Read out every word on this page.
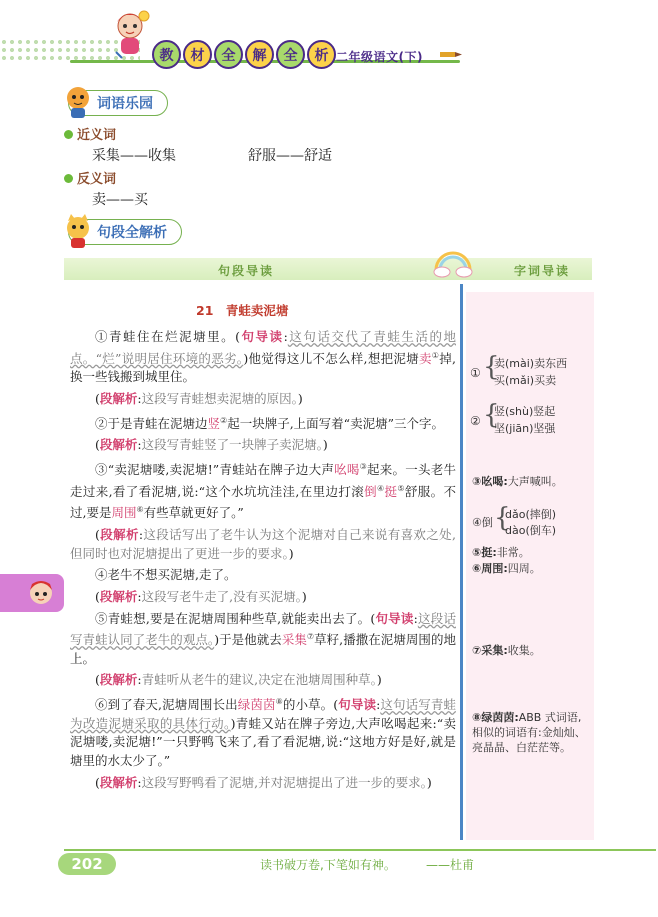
教	材	全	解	全	析 二年级语文(下)
词语乐园
近义词
采集——收集	舒服——舒适
反义词
卖——买
句段全解析
句段导读	字词导读
21　青蛙卖泥塘

①青蛙住在烂泥塘里。(句导读:这句话交代了青蛙生活的地点。“烂”说明居住环境的恶劣。)他觉得这儿不怎么样,想把泥塘卖①掉,换一些钱搬到城里住。

(段解析:这段写青蛙想卖泥塘的原因。)

②于是青蛙在泥塘边竖②起一块牌子,上面写着“卖泥塘”三个字。

(段解析:这段写青蛙竖了一块牌子卖泥塘。)

③“卖泥塘喽,卖泥塘!”青蛙站在牌子边大声吆喝③起来。一头老牛走过来,看了看泥塘,说:“这个水坑坑洼洼,在里边打滚倒④挺⑤舒服。不过,要是周围⑥有些草就更好了。”

(段解析:这段话写出了老牛认为这个泥塘对自己来说有喜欢之处,但同时也对泥塘提出了更进一步的要求。)

④老牛不想买泥塘,走了。

(段解析:这段写老牛走了,没有买泥塘。)

⑤青蛙想,要是在泥塘周围种些草,就能卖出去了。(句导读:这段话写青蛙认同了老牛的观点。)于是他就去采集⑦草籽,播撒在泥塘周围的地上。

(段解析:青蛙听从老牛的建议,决定在池塘周围种草。)

⑥到了春天,泥塘周围长出绿茵茵⑧的小草。(句导读:这句话写青蛙为改造泥塘采取的具体行动。)青蛙又站在牌子旁边,大声吆喝起来:“卖泥塘喽,卖泥塘!”一只野鸭飞来了,看了看泥塘,说:“这地方好是好,就是塘里的水太少了。”

(段解析:这段写野鸭看了泥塘,并对泥塘提出了进一步的要求。)

① {
卖(mài)卖东西
买(mǎi)买卖
② {
竖(shù)竖起
坚(jiān)坚强
③吆喝:大声喊叫。
④倒 {
dǎo(摔倒)
dào(倒车)
⑤挺:非常。
⑥周围:四周。
⑦采集:收集。
⑧绿茵茵:ABB 式词语,相似的词语有:金灿灿、亮晶晶、白茫茫等。
202	读书破万卷,下笔如有神。	——杜甫
